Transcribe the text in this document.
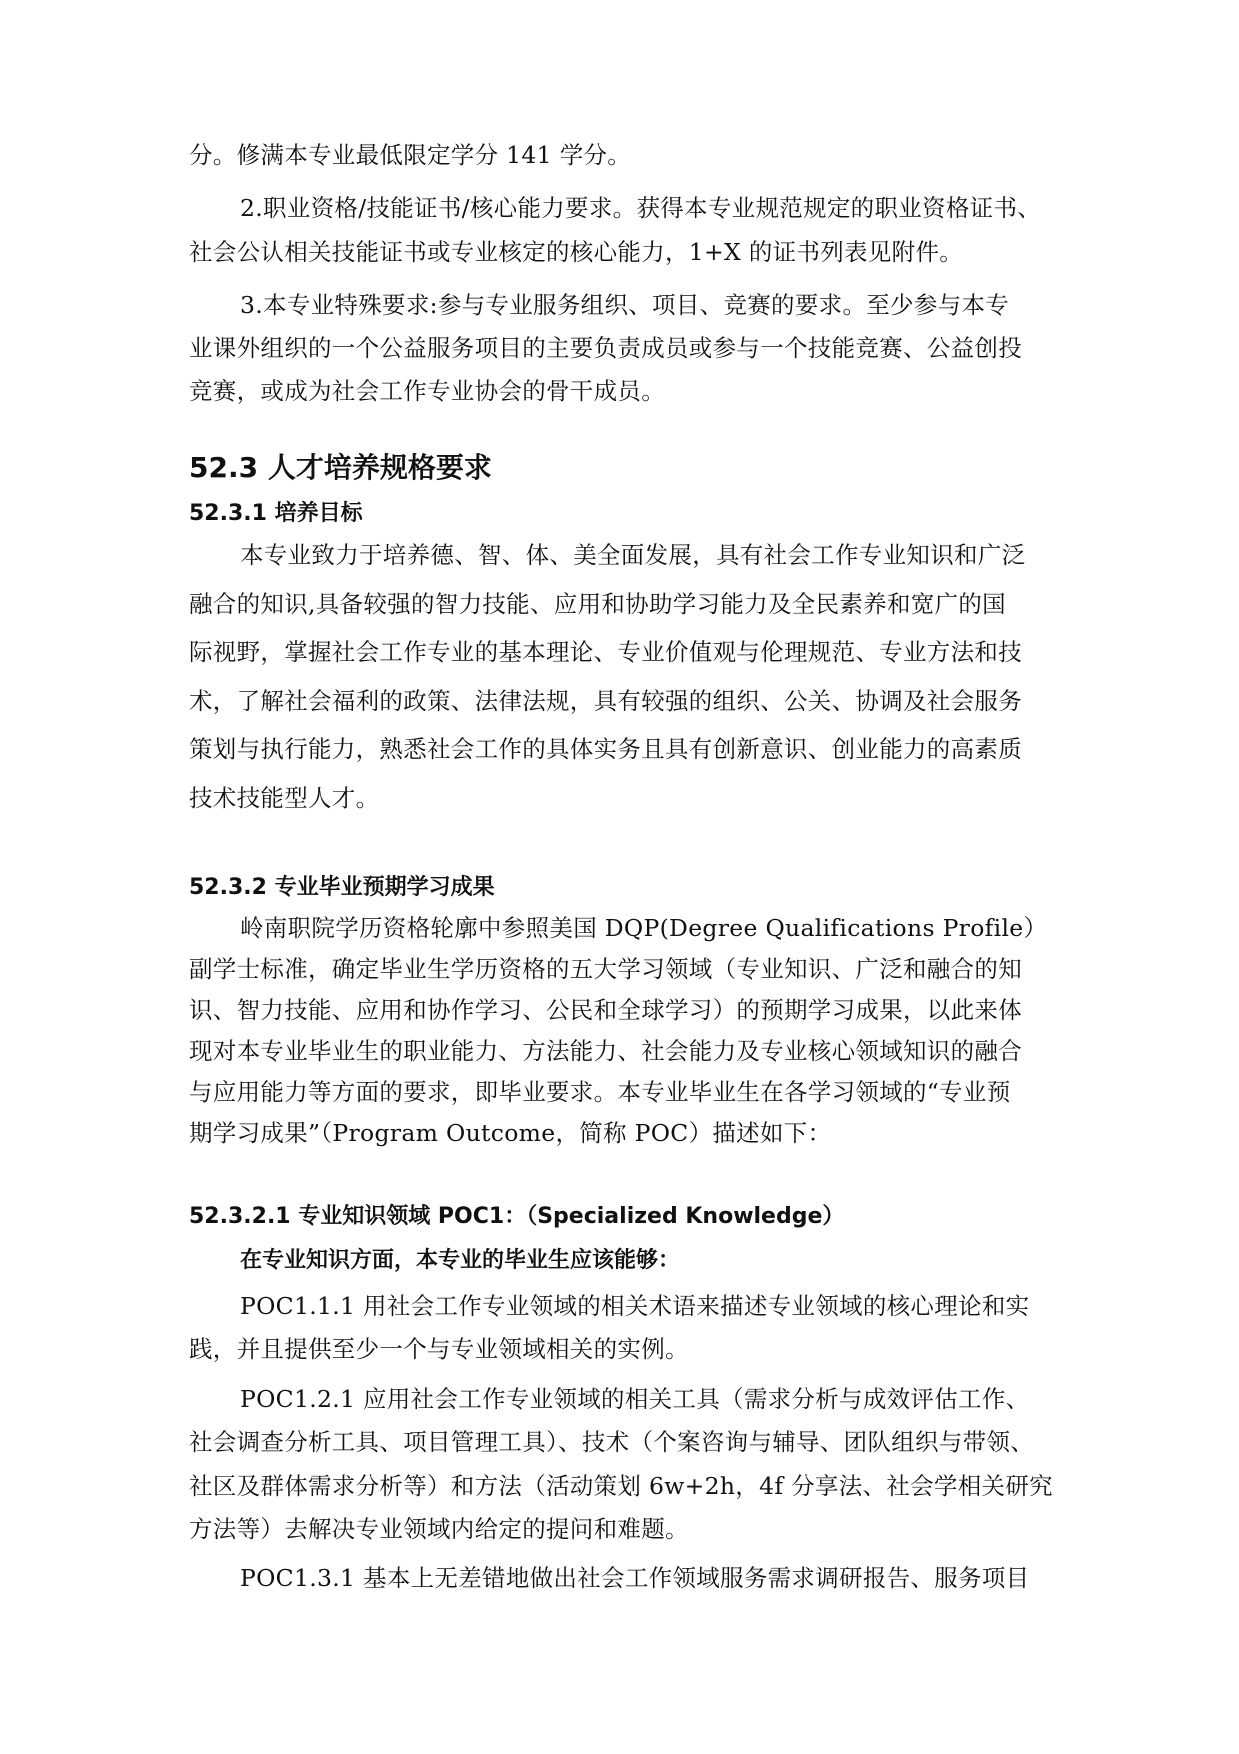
分。修满本专业最低限定学分 141 学分。

2.职业资格/技能证书/核心能力要求。获得本专业规范规定的职业资格证书、

社会公认相关技能证书或专业核定的核心能力，1+X 的证书列表见附件。

3.本专业特殊要求:参与专业服务组织、项目、竞赛的要求。至少参与本专

业课外组织的一个公益服务项目的主要负责成员或参与一个技能竞赛、公益创投

竞赛，或成为社会工作专业协会的骨干成员。

52.3 人才培养规格要求
52.3.1 培养目标

本专业致力于培养德、智、体、美全面发展，具有社会工作专业知识和广泛

融合的知识,具备较强的智力技能、应用和协助学习能力及全民素养和宽广的国

际视野，掌握社会工作专业的基本理论、专业价值观与伦理规范、专业方法和技

术，了解社会福利的政策、法律法规，具有较强的组织、公关、协调及社会服务

策划与执行能力，熟悉社会工作的具体实务且具有创新意识、创业能力的高素质

技术技能型人才。

52.3.2 专业毕业预期学习成果

岭南职院学历资格轮廓中参照美国 DQP(Degree Qualifications Profile）

副学士标准，确定毕业生学历资格的五大学习领域（专业知识、广泛和融合的知

识、智力技能、应用和协作学习、公民和全球学习）的预期学习成果，以此来体

现对本专业毕业生的职业能力、方法能力、社会能力及专业核心领域知识的融合

与应用能力等方面的要求，即毕业要求。本专业毕业生在各学习领域的“专业预

期学习成果”（Program Outcome，简称 POC）描述如下：

52.3.2.1 专业知识领域 POC1：（Specialized Knowledge）

在专业知识方面，本专业的毕业生应该能够：

POC1.1.1 用社会工作专业领域的相关术语来描述专业领域的核心理论和实

践，并且提供至少一个与专业领域相关的实例。

POC1.2.1 应用社会工作专业领域的相关工具（需求分析与成效评估工作、

社会调查分析工具、项目管理工具）、技术（个案咨询与辅导、团队组织与带领、

社区及群体需求分析等）和方法（活动策划 6w+2h，4f 分享法、社会学相关研究

方法等）去解决专业领域内给定的提问和难题。

POC1.3.1 基本上无差错地做出社会工作领域服务需求调研报告、服务项目
